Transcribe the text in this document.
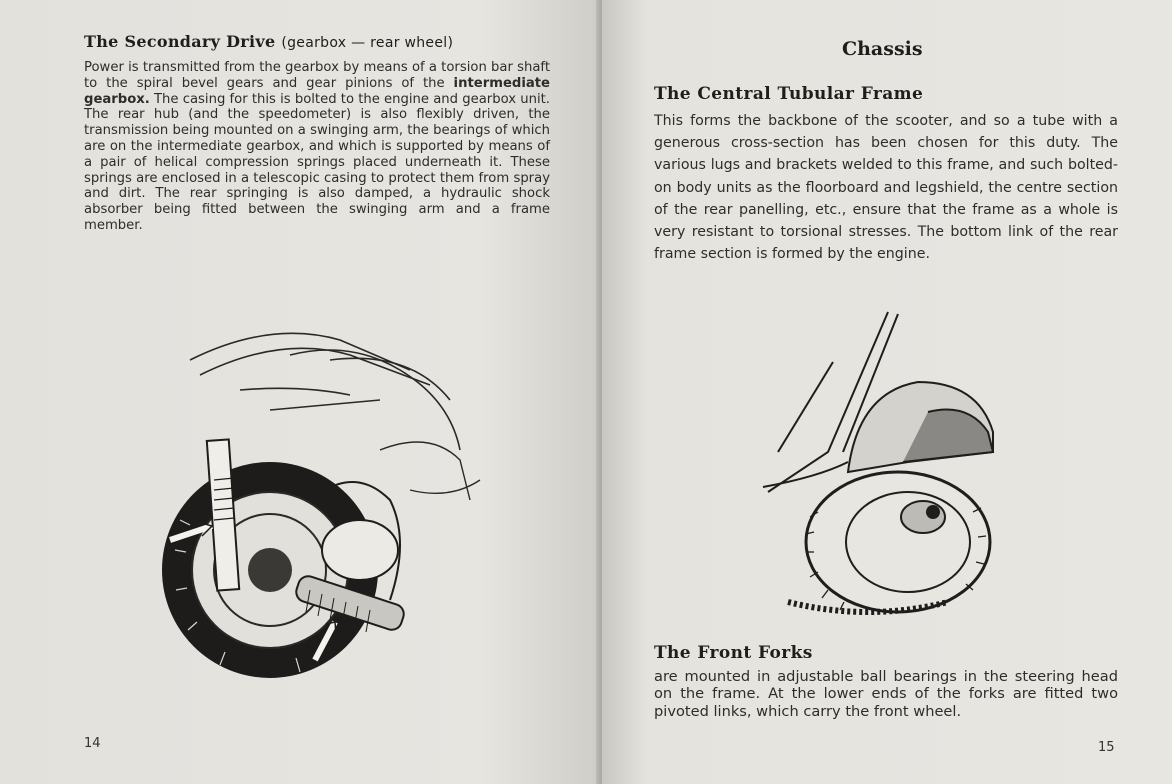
The Secondary Drive (gearbox — rear wheel)
Power is transmitted from the gearbox by means of a torsion bar shaft to the spiral bevel gears and gear pinions of the intermediate gearbox. The casing for this is bolted to the engine and gearbox unit. The rear hub (and the speedometer) is also flexibly driven, the transmission being mounted on a swinging arm, the bearings of which are on the intermediate gearbox, and which is supported by means of a pair of helical compression springs placed underneath it. These springs are enclosed in a telescopic casing to protect them from spray and dirt. The rear springing is also damped, a hydraulic shock absorber being fitted between the swinging arm and a frame member.
14
Chassis
The Central Tubular Frame
This forms the backbone of the scooter, and so a tube with a generous cross-section has been chosen for this duty. The various lugs and brackets welded to this frame, and such bolted-on body units as the floorboard and legshield, the centre section of the rear panelling, etc., ensure that the frame as a whole is very resistant to torsional stresses. The bottom link of the rear frame section is formed by the engine.
The Front Forks
are mounted in adjustable ball bearings in the steering head on the frame. At the lower ends of the forks are fitted two pivoted links, which carry the front wheel.
15
